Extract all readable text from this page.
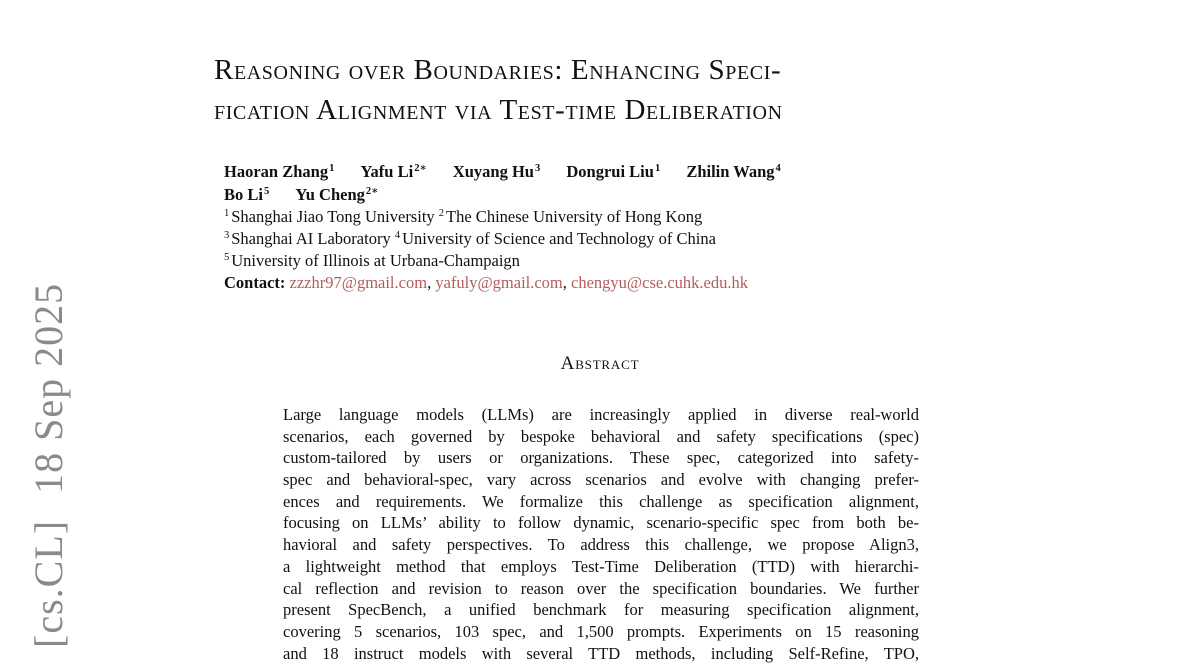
[cs.CL]18 Sep 2025
Reasoning over Boundaries: Enhancing Speci-
fication Alignment via Test-time Deliberation
Haoran Zhang$^1$ Yafu $Li^{2∗}$ Xuyang Hu$^3$ Dongrui Liu$^1$ Zhilin Wang$^4$
Bo Li$^5$ Yu Cheng$^{2∗}$
$^1$ Shanghai Jiao Tong University $^2$ The Chinese University of Hong Kong
$^3$ Shanghai AI Laboratory $^4$ University of Science and Technology of China
$^5$ University of Illinois at Urbana-Champaign
Contact: zzzhr97@gmail.com, yafuly@gmail.com, chengyu@cse.cuhk.edu.hk
Abstract
Large language models (LLMs) are increasingly applied in diverse real-world
scenarios, each governed by bespoke behavioral and safety specifications (spec)
custom-tailored by users or organizations. These spec, categorized into safety-
spec and behavioral-spec, vary across scenarios and evolve with changing prefer-
ences and requirements. We formalize this challenge as specification alignment,
focusing on LLMs’ ability to follow dynamic, scenario-specific spec from both be-
havioral and safety perspectives. To address this challenge, we propose Align3,
a lightweight method that employs Test-Time Deliberation (TTD) with hierarchi-
cal reflection and revision to reason over the specification boundaries. We further
present SpecBench, a unified benchmark for measuring specification alignment,
covering 5 scenarios, 103 spec, and 1,500 prompts. Experiments on 15 reasoning
and 18 instruct models with several TTD methods, including Self-Refine, TPO,
